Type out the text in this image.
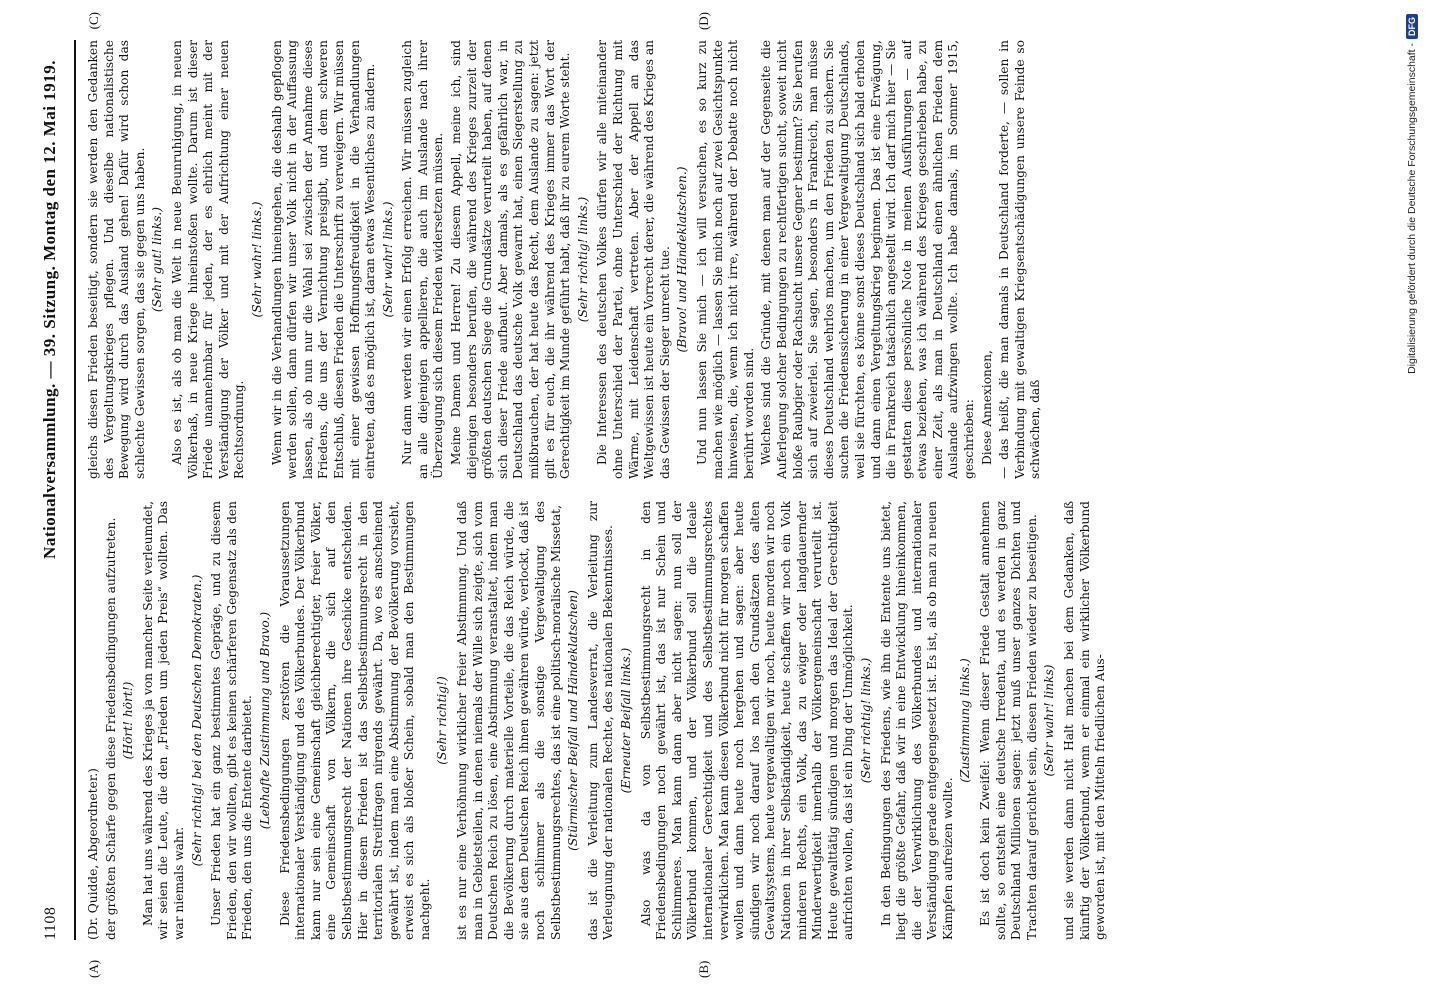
1108
Nationalversammlung. — 39. Sitzung. Montag den 12. Mai 1919.
(A)	(B)
(C)	(D)

(Dr. Quidde, Abgeordneter.) der größten Schärfe gegen diese Friedensbedingungen aufzutreten. (Hört! hört!) Man hat uns während des Krieges ja von mancher Seite verleumdet, wir seien die Leute, die den „Frieden um jeden Preis“ wollten. Das war niemals wahr.

(Sehr richtig! bei den Deutschen Demokraten.) Unser Frieden hat ein ganz bestimmtes Gepräge, und zu diesem Frieden, den wir wollten, gibt es keinen schärferen Gegensatz als den Frieden, den uns die Entente darbietet. (Lebhafte Zustimmung und Bravo.) Diese Friedensbedingungen zerstören die Voraussetzungen internationaler Verständigung und des Völkerbundes. Der Völkerbund kann nur sein eine Gemeinschaft gleichberechtigter, freier Völker, eine Gemeinschaft von Völkern, die sich auf den Selbstbestimmungsrecht der Nationen ihre Geschicke entscheiden. Hier in diesem Frieden ist das Selbstbestimmungsrecht in den territorialen Streitfragen nirgends gewährt. Da, wo es anscheinend gewährt ist, indem man eine Abstimmung der Bevölkerung vorsieht, erweist es sich als bloßer Schein, sobald man den Bestimmungen nachgeht.

(Sehr richtig!) ist es nur eine Verhöhnung wirklicher freier Abstimmung. Und daß man in Gebietsteilen, in denen niemals der Wille sich zeigte, sich vom Deutschen Reich zu lösen, eine Abstimmung veranstaltet, indem man die Bevölkerung durch materielle Vorteile, die das Reich würde, die sie aus dem Deutschen Reich ihnen gewähren würde, verlockt, daß ist noch schlimmer als die sonstige Vergewaltigung des Selbstbestimmungsrechtes, das ist eine politisch-moralische Missetat, (Stürmischer Beifall und Händeklatschen) das ist die Verleitung zum Landesverrat, die Verleitung zur Verleugnung der nationalen Rechte, des nationalen Bekenntnisses. (Erneuter Beifall links.) Also was da von Selbstbestimmungsrecht in den Friedensbedingungen noch gewährt ist, das ist nur Schein und Schlimmeres. Man kann dann aber nicht sagen: nun soll der Völkerbund kommen, und der Völkerbund soll die Ideale internationaler Gerechtigkeit und des Selbstbestimmungsrechtes verwirklichen. Man kann diesen Völkerbund nicht für morgen schaffen wollen und dann heute noch hergehen und sagen: aber heute sündigen wir noch darauf los nach den Grundsätzen des alten Gewaltsystems, heute vergewaltigen wir noch, heute morden wir noch Nationen in ihrer Selbständigkeit, heute schaffen wir noch ein Volk minderen Rechts, ein Volk, das zu ewiger oder langdauernder Minderwertigkeit innerhalb der Völkergemeinschaft verurteilt ist. Heute gewalttätig sündigen und morgen das Ideal der Gerechtigkeit aufrichten wollen, das ist ein Ding der Unmöglichkeit. (Sehr richtig! links.) In den Bedingungen des Friedens, wie ihn die Entente uns bietet, liegt die größte Gefahr, daß wir in eine Entwicklung hineinkommen, die der Verwirklichung des Völkerbundes und internationaler Verständigung gerade entgegengesetzt ist. Es ist, als ob man zu neuen Kämpfen aufreizen wollte.

(Zustimmung links.) Es ist doch kein Zweifel: Wenn dieser Friede Gestalt annehmen sollte, so entsteht eine deutsche Irredenta, und es werden in ganz Deutschland Millionen sagen: jetzt muß unser ganzes Dichten und Trachten darauf gerichtet sein, diesen Frieden wieder zu beseitigen. (Sehr wahr! links) und sie werden dann nicht Halt machen bei dem Gedanken, daß künftig der Völkerbund, wenn er einmal ein wirklicher Völkerbund geworden ist, mit den Mitteln friedlichen Aus-

gleichs diesen Frieden beseitigt, sondern sie werden den Gedanken des Vergeltungskrieges pflegen. Und dieselbe nationalistische Bewegung wird durch das Ausland gehen! Dafür wird schon das schlechte Gewissen sorgen, das sie gegen uns haben. (Sehr gut! links.) Also es ist, als ob man die Welt in neue Beunruhigung, in neuen Völkerhaß, in neue Kriege hineinstoßen wollte. Darum ist dieser Friede unannehmbar für jeden, der es ehrlich meint mit der Verständigung der Völker und mit der Aufrichtung einer neuen Rechtsordnung.

(Sehr wahr! links.) Wenn wir in die Verhandlungen hineingehen, die deshalb gepflogen werden sollen, dann dürfen wir unser Volk nicht in der Auffassung lassen, als ob nun nur die Wahl sei zwischen der Annahme dieses Friedens, die uns der Vernichtung preisgibt, und dem schweren Entschluß, diesen Frieden die Unterschrift zu verweigern. Wir müssen mit einer gewissen Hoffnungsfreudigkeit in die Verhandlungen eintreten, daß es möglich ist, daran etwas Wesentliches zu ändern. (Sehr wahr! links.) Nur dann werden wir einen Erfolg erreichen. Wir müssen zugleich an alle diejenigen appellieren, die auch im Auslande nach ihrer Überzeugung sich diesem Frieden widersetzen müssen. Meine Damen und Herren! Zu diesem Appell, meine ich, sind diejenigen besonders berufen, die während des Krieges zurzeit der größten deutschen Siege die Grundsätze verurteilt haben, auf denen sich dieser Friede aufbaut. Aber damals, als es gefährlich war, in Deutschland das deutsche Volk gewarnt hat, einen Siegerstellung zu mißbrauchen, der hat heute das Recht, dem Auslande zu sagen: jetzt gilt es für euch, die ihr während des Krieges immer das Wort der Gerechtigkeit im Munde geführt habt, daß ihr zu eurem Worte steht. (Sehr richtig! links.) Die Interessen des deutschen Volkes dürfen wir alle miteinander ohne Unterschied der Partei, ohne Unterschied der Richtung mit Wärme, mit Leidenschaft vertreten. Aber der Appell an das Weltgewissen ist heute ein Vorrecht derer, die während des Krieges an das Gewissen der Sieger unrecht tue. (Bravo! und Händeklatschen.) Und nun lassen Sie mich — ich will versuchen, es so kurz zu machen wie möglich — lassen Sie mich noch auf zwei Gesichtspunkte hinweisen, die, wenn ich nicht irre, während der Debatte noch nicht berührt worden sind. Welches sind die Gründe, mit denen man auf der Gegenseite die Auferlegung solcher Bedingungen zu rechtfertigen sucht, soweit nicht bloße Raubgier oder Rachsucht unsere Gegner bestimmt? Sie berufen sich auf zweierlei. Sie sagen, besonders in Frankreich, man müsse dieses Deutschland wehrlos machen, um den Frieden zu sichern. Sie suchen die Friedenssicherung in einer Vergewaltigung Deutschlands, weil sie fürchten, es könne sonst dieses Deutschland sich bald erholen und dann einen Vergeltungskrieg beginnen. Das ist eine Erwägung, die in Frankreich tatsächlich angestellt wird. Ich darf mich hier — Sie gestatten diese persönliche Note in meinen Ausführungen — auf etwas beziehen, was ich während des Krieges geschrieben habe, zu einer Zeit, als man in Deutschland einen ähnlichen Frieden dem Auslande aufzwingen wollte. Ich habe damals, im Sommer 1915, geschrieben: Diese Annexionen, — das heißt, die man damals in Deutschland forderte, — sollen in Verbindung mit gewaltigen Kriegsentschädigungen unsere Feinde so schwächen, daß

Digitalisierung gefördert durch die Deutsche Forschungsgemeinschaft -
DFG
